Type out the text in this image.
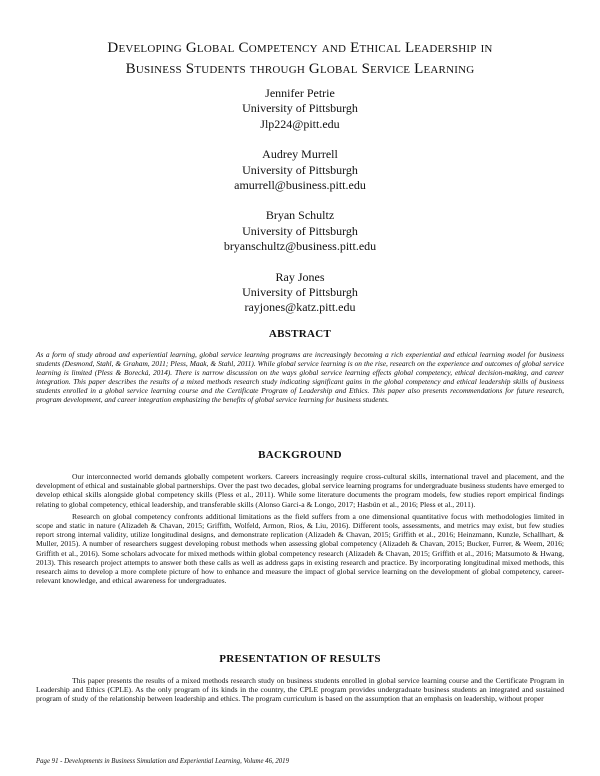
Developing Global Competency and Ethical Leadership in
Business Students through Global Service Learning
Jennifer Petrie
University of Pittsburgh
Jlp224@pitt.edu
Audrey Murrell
University of Pittsburgh
amurrell@business.pitt.edu
Bryan Schultz
University of Pittsburgh
bryanschultz@business.pitt.edu
Ray Jones
University of Pittsburgh
rayjones@katz.pitt.edu
ABSTRACT
As a form of study abroad and experiential learning, global service learning programs are increasingly becoming a rich experiential and ethical learning model for business students (Desmond, Stahl, & Graham, 2011; Pless, Maak, & Stahl, 2011). While global service learning is on the rise, research on the experience and outcomes of global service learning is limited (Pless & Borecká, 2014). There is narrow discussion on the ways global service learning effects global competency, ethical decision-making, and career integration. This paper describes the results of a mixed methods research study indicating significant gains in the global competency and ethical leadership skills of business students enrolled in a global service learning course and the Certificate Program of Leadership and Ethics. This paper also presents recommendations for future research, program development, and career integration emphasizing the benefits of global service learning for business students.
BACKGROUND

Our interconnected world demands globally competent workers. Careers increasingly require cross-cultural skills, international travel and placement, and the development of ethical and sustainable global partnerships. Over the past two decades, global service learning programs for undergraduate business students have emerged to develop ethical skills alongside global competency skills (Pless et al., 2011). While some literature documents the program models, few studies report empirical findings relating to global competency, ethical leadership, and transferable skills (Alonso Garci-a & Longo, 2017; Hasbún et al., 2016; Pless et al., 2011).

Research on global competency confronts additional limitations as the field suffers from a one dimensional quantitative focus with methodologies limited in scope and static in nature (Alizadeh & Chavan, 2015; Griffith, Wolfeld, Armon, Rios, & Liu, 2016). Different tools, assessments, and metrics may exist, but few studies report strong internal validity, utilize longitudinal designs, and demonstrate replication (Alizadeh & Chavan, 2015; Griffith et al., 2016; Heinzmann, Kunzle, Schallhart, & Muller, 2015). A number of researchers suggest developing robust methods when assessing global competency (Alizadeh & Chavan, 2015; Bucker, Furrer, & Weem, 2016; Griffith et al., 2016). Some scholars advocate for mixed methods within global competency research (Alizadeh & Chavan, 2015; Griffith et al., 2016; Matsumoto & Hwang, 2013). This research project attempts to answer both these calls as well as address gaps in existing research and practice. By incorporating longitudinal mixed methods, this research aims to develop a more complete picture of how to enhance and measure the impact of global service learning on the development of global competency, career-relevant knowledge, and ethical awareness for undergraduates.

PRESENTATION OF RESULTS

This paper presents the results of a mixed methods research study on business students enrolled in global service learning course and the Certificate Program in Leadership and Ethics (CPLE). As the only program of its kinds in the country, the CPLE program provides undergraduate business students an integrated and sustained program of study of the relationship between leadership and ethics. The program curriculum is based on the assumption that an emphasis on leadership, without proper

Page 91 - Developments in Business Simulation and Experiential Learning, Volume 46, 2019
